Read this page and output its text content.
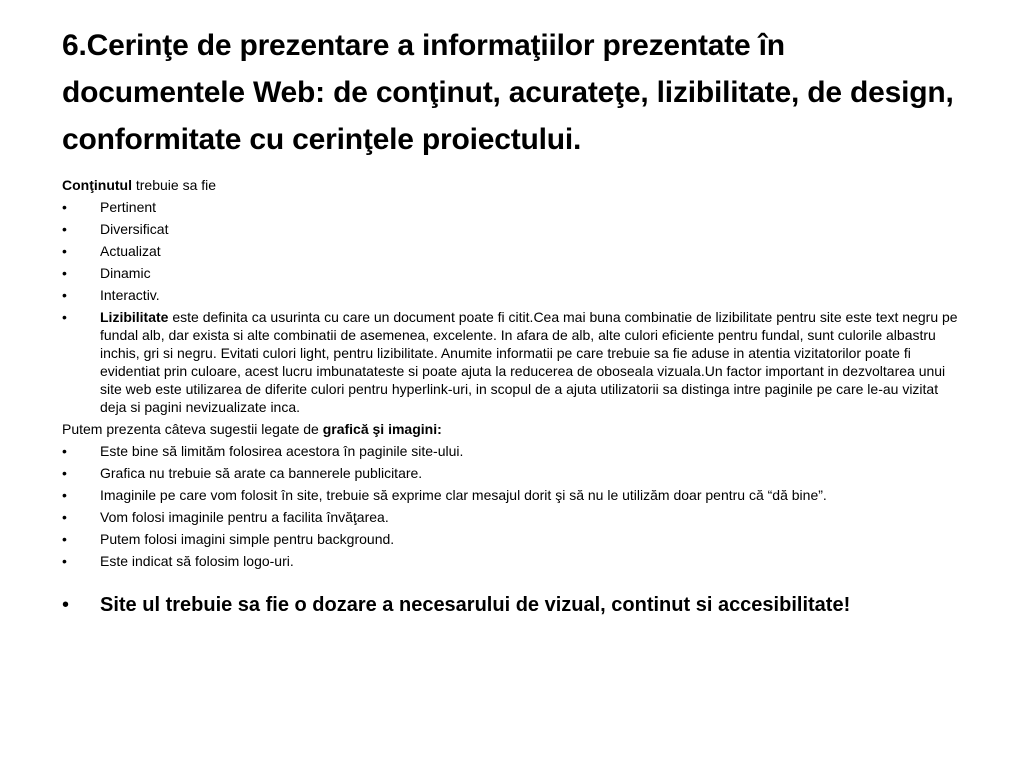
6.Cerinţe de prezentare a informaţiilor prezentate în documentele Web: de conţinut, acurateţe, lizibilitate, de design, conformitate cu cerinţele proiectului.

Conţinutul trebuie sa fie

• Pertinent
• Diversificat
• Actualizat
• Dinamic
• Interactiv.
• Lizibilitate este definita ca usurinta cu care un document poate fi citit.Cea mai buna combinatie de lizibilitate pentru site este text negru pe fundal alb, dar exista si alte combinatii de asemenea, excelente. In afara de alb, alte culori eficiente pentru fundal, sunt culorile albastru inchis, gri si negru. Evitati culori light, pentru lizibilitate. Anumite informatii pe care trebuie sa fie aduse in atentia vizitatorilor poate fi evidentiat prin culoare, acest lucru imbunatateste si poate ajuta la reducerea de oboseala vizuala.Un factor important in dezvoltarea unui site web este utilizarea de diferite culori pentru hyperlink-uri, in scopul de a ajuta utilizatorii sa distinga intre paginile pe care le-au vizitat deja si pagini nevizualizate inca.

Putem prezenta câteva sugestii legate de grafică şi imagini:

• Este bine să limităm folosirea acestora în paginile site-ului.
• Grafica nu trebuie să arate ca bannerele publicitare.
• Imaginile pe care vom folosit în site, trebuie să exprime clar mesajul dorit şi să nu le utilizăm doar pentru că “dă bine”.
• Vom folosi imaginile pentru a facilita învăţarea.
• Putem folosi imagini simple pentru background.
• Este indicat să folosim logo-uri.
• Site ul trebuie sa fie o dozare a necesarului de vizual, continut si accesibilitate!
